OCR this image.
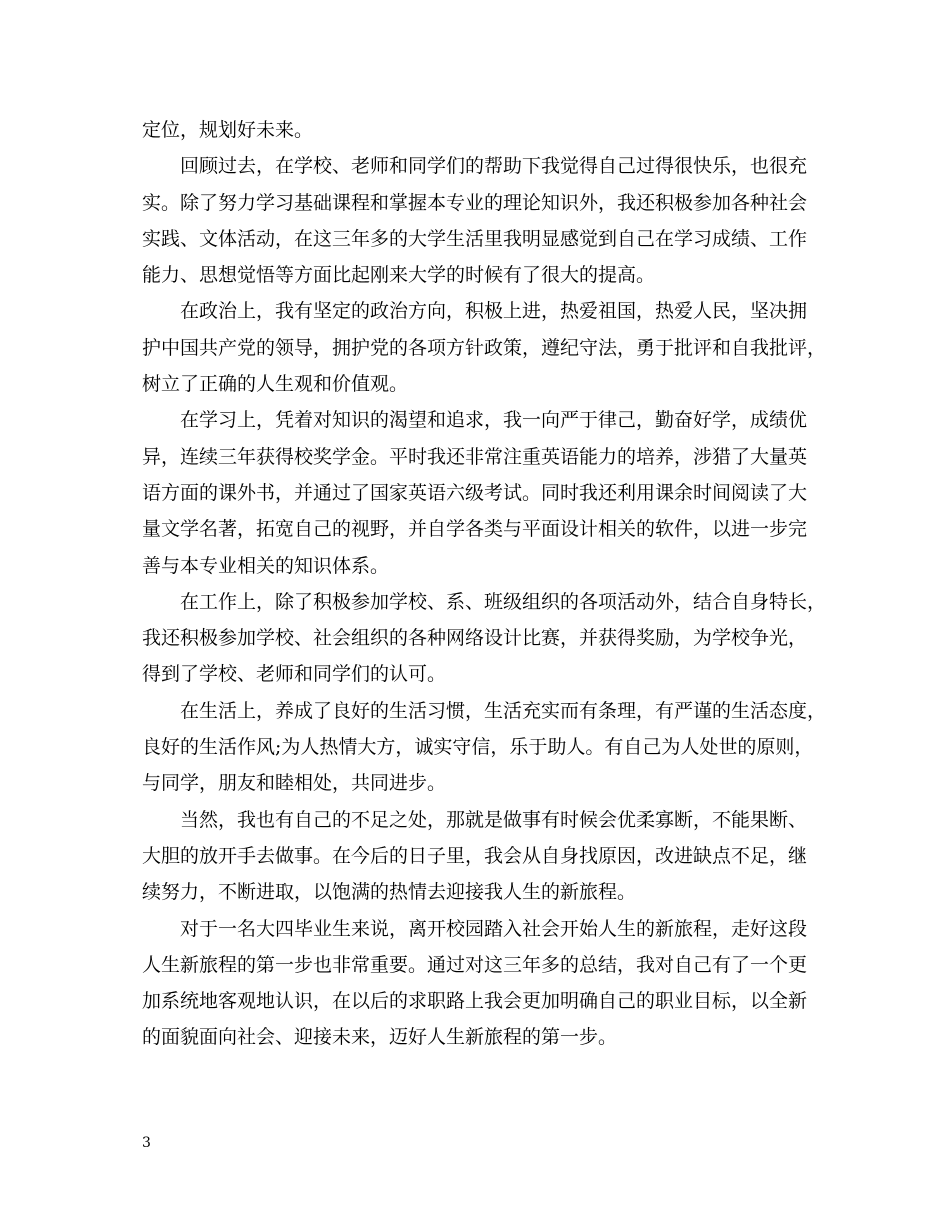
定位，规划好未来。
回顾过去，在学校、老师和同学们的帮助下我觉得自己过得很快乐，也很充
实。除了努力学习基础课程和掌握本专业的理论知识外，我还积极参加各种社会
实践、文体活动，在这三年多的大学生活里我明显感觉到自己在学习成绩、工作
能力、思想觉悟等方面比起刚来大学的时候有了很大的提高。
在政治上，我有坚定的政治方向，积极上进，热爱祖国，热爱人民，坚决拥
护中国共产党的领导，拥护党的各项方针政策，遵纪守法，勇于批评和自我批评，
树立了正确的人生观和价值观。
在学习上，凭着对知识的渴望和追求，我一向严于律己，勤奋好学，成绩优
异，连续三年获得校奖学金。平时我还非常注重英语能力的培养，涉猎了大量英
语方面的课外书，并通过了国家英语六级考试。同时我还利用课余时间阅读了大
量文学名著，拓宽自己的视野，并自学各类与平面设计相关的软件，以进一步完
善与本专业相关的知识体系。
在工作上，除了积极参加学校、系、班级组织的各项活动外，结合自身特长，
我还积极参加学校、社会组织的各种网络设计比赛，并获得奖励，为学校争光，
得到了学校、老师和同学们的认可。
在生活上，养成了良好的生活习惯，生活充实而有条理，有严谨的生活态度，
良好的生活作风;为人热情大方，诚实守信，乐于助人。有自己为人处世的原则，
与同学，朋友和睦相处，共同进步。
当然，我也有自己的不足之处，那就是做事有时候会优柔寡断，不能果断、
大胆的放开手去做事。在今后的日子里，我会从自身找原因，改进缺点不足，继
续努力，不断进取，以饱满的热情去迎接我人生的新旅程。
对于一名大四毕业生来说，离开校园踏入社会开始人生的新旅程，走好这段
人生新旅程的第一步也非常重要。通过对这三年多的总结，我对自己有了一个更
加系统地客观地认识，在以后的求职路上我会更加明确自己的职业目标，以全新
的面貌面向社会、迎接未来，迈好人生新旅程的第一步。
3
